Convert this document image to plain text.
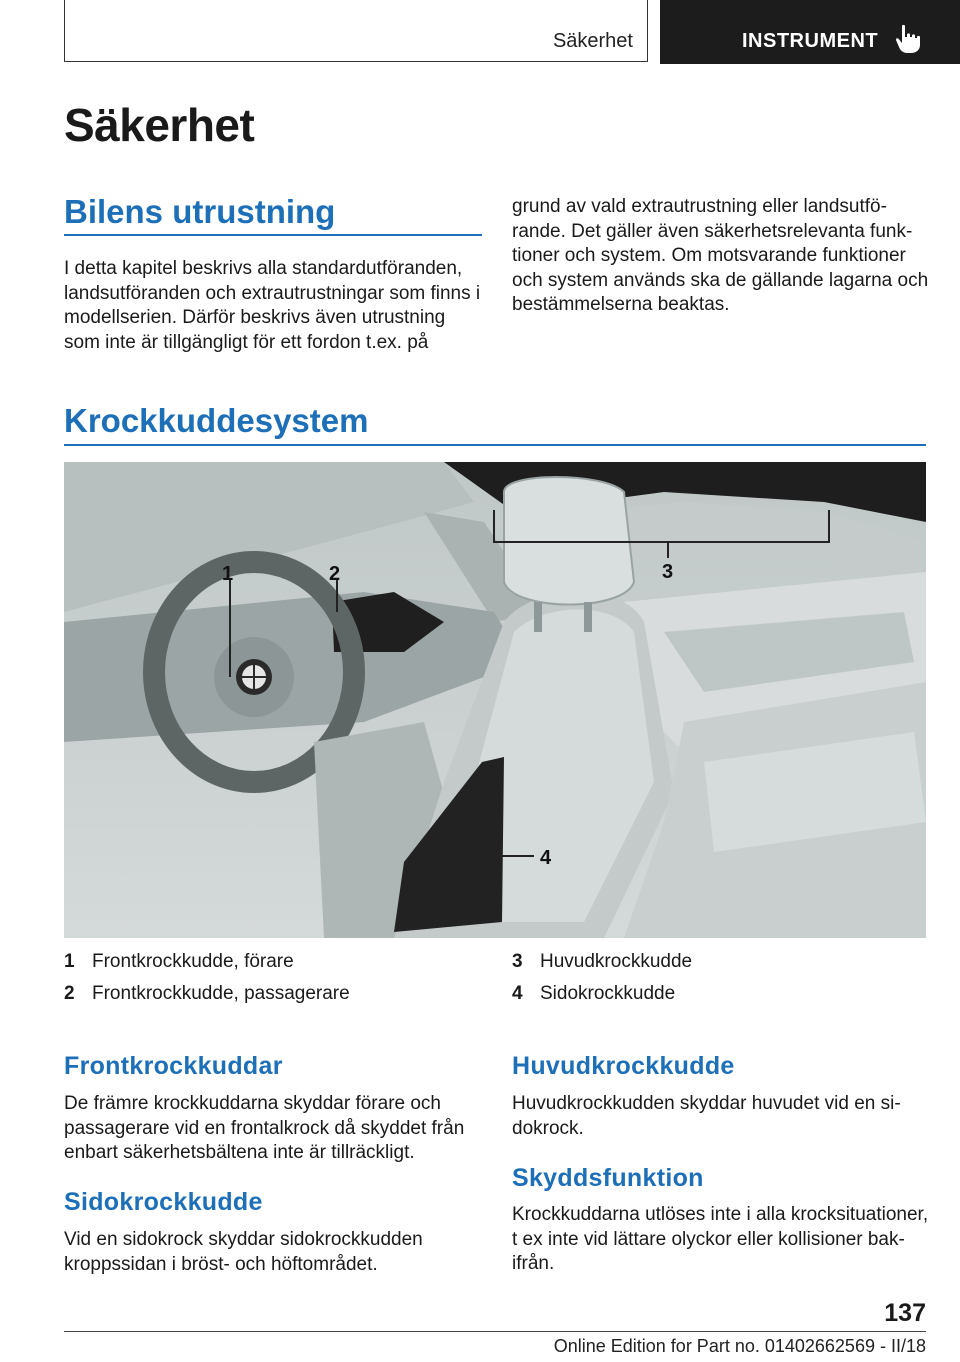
Säkerhet	INSTRUMENT
Säkerhet
Bilens utrustning

I detta kapitel beskrivs alla standardutföranden, landsutföranden och extrautrustningar som finns i modellserien. Därför beskrivs även utrustning som inte är tillgängligt för ett fordon t.ex. på

grund av vald extrautrustning eller landsutförande. Det gäller även säkerhetsrelevanta funktioner och system. Om motsvarande funktioner och system används ska de gällande lagarna och bestämmelserna beaktas.

Krockkuddesystem
1	2	3
4
1 Frontkrockkudde, förare
2 Frontkrockkudde, passagerare
3 Huvudkrockkudde
4 Sidokrockkudde
Frontkrockkuddar

De främre krockkuddarna skyddar förare och passagerare vid en frontalkrock då skyddet från enbart säkerhetsbältena inte är tillräckligt.

Sidokrockkudde

Vid en sidokrock skyddar sidokrockkudden kroppssidan i bröst- och höftområdet.

Huvudkrockkudde

Huvudkrockkudden skyddar huvudet vid en sidokrock.

Skyddsfunktion

Krockkuddarna utlöses inte i alla krocksituationer, t ex inte vid lättare olyckor eller kollisioner bakifrån.

137
Online Edition for Part no. 01402662569 - II/18
